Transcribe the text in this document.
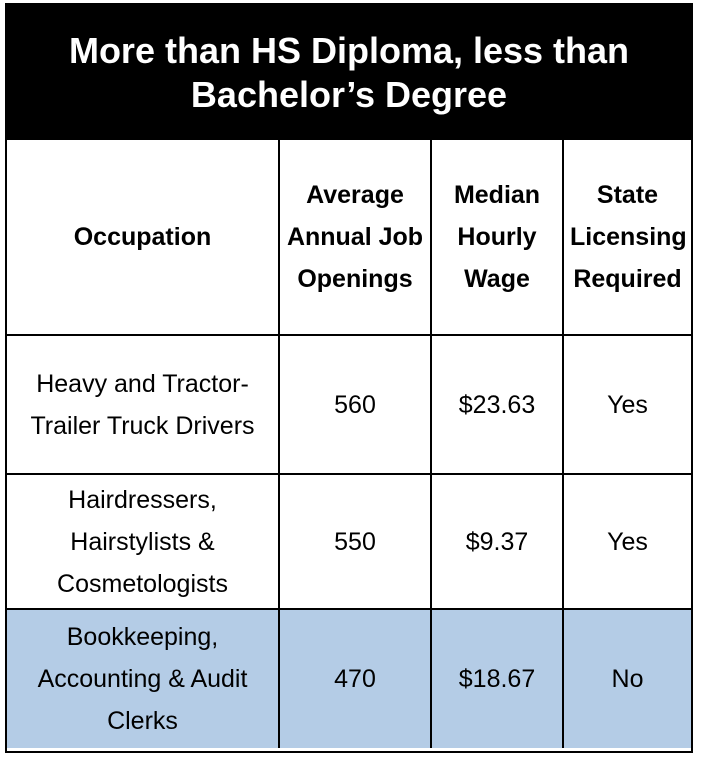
More than HS Diploma, less than Bachelor’s Degree
Occupation	Average Annual Job Openings	Median Hourly Wage	State Licensing Required
Heavy and Tractor-Trailer Truck Drivers	560	$23.63	Yes
Hairdressers, Hairstylists & Cosmetologists	550	$9.37	Yes
Bookkeeping, Accounting & Audit Clerks	470	$18.67	No
